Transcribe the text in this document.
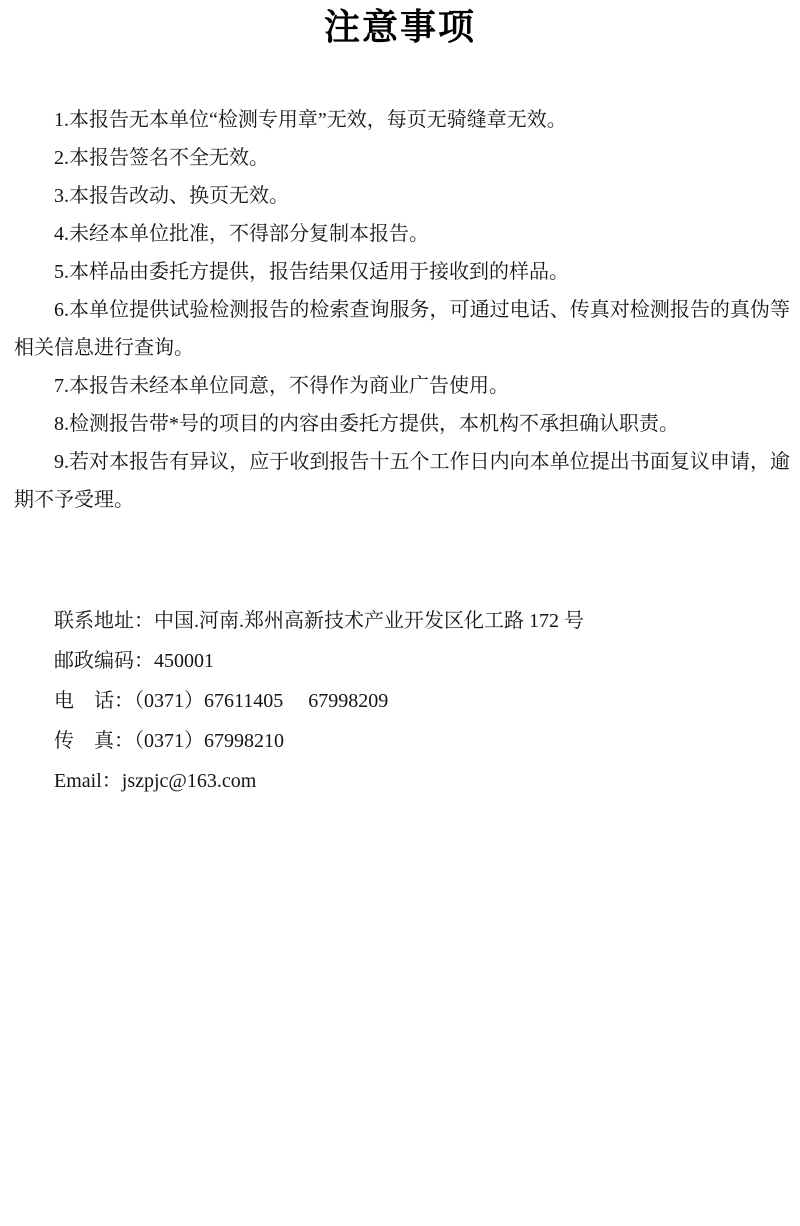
注意事项

1.本报告无本单位“检测专用章”无效，每页无骑缝章无效。

2.本报告签名不全无效。

3.本报告改动、换页无效。

4.未经本单位批准，不得部分复制本报告。

5.本样品由委托方提供，报告结果仅适用于接收到的样品。

6.本单位提供试验检测报告的检索查询服务，可通过电话、传真对检测报告的真伪等相关信息进行查询。

7.本报告未经本单位同意，不得作为商业广告使用。

8.检测报告带*号的项目的内容由委托方提供，本机构不承担确认职责。

9.若对本报告有异议，应于收到报告十五个工作日内向本单位提出书面复议申请，逾期不予受理。

联系地址：中国.河南.郑州高新技术产业开发区化工路 172 号

邮政编码：450001

电　话：（0371）67611405　 67998209

传　真：（0371）67998210

Email：jszpjc@163.com
